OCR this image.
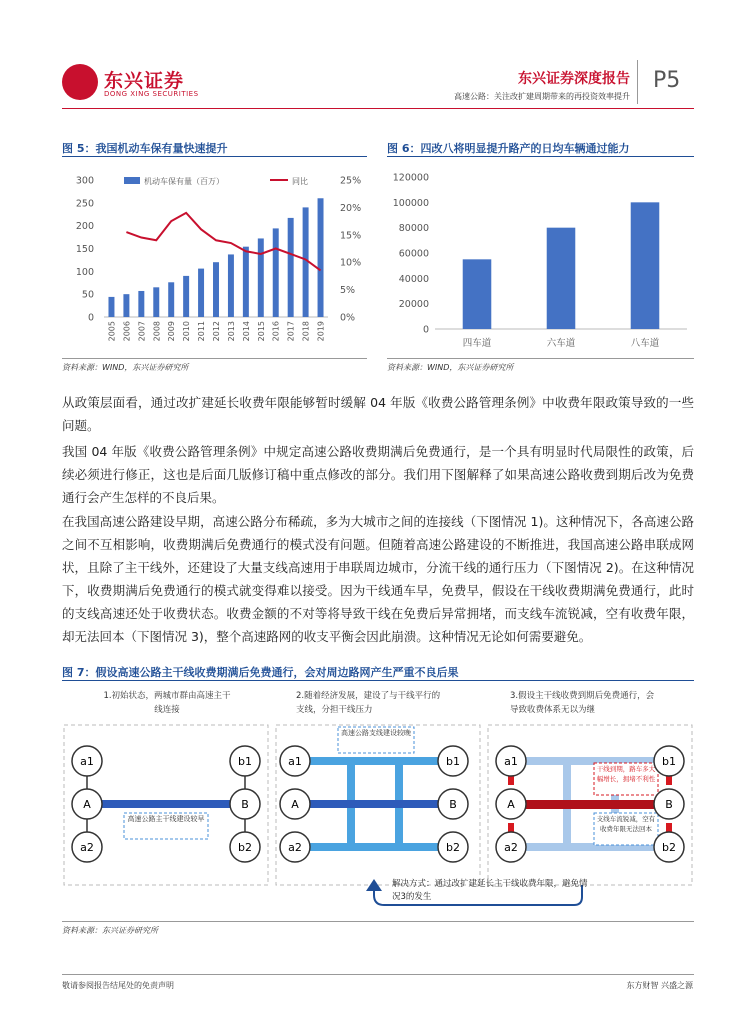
东兴证券
DONG XING SECURITIES
东兴证券深度报告
高速公路：关注改扩建周期带来的再投资效率提升
P5
图 5：我国机动车保有量快速提升
0
50
100
150
200
250
300
0%
5%
10%
15%
20%
25%
2005 2006 2007 2008 2009 2010 2011 2012 2013 2014 2015 2016 2017 2018 2019
机动车保有量（百万）	同比
资料来源：WIND，东兴证券研究所
图 6：四改八将明显提升路产的日均车辆通过能力
0
20000
40000
60000
80000
100000
120000
四车道	六车道	八车道
资料来源：WIND，东兴证券研究所
从政策层面看，通过改扩建延长收费年限能够暂时缓解 04 年版《收费公路管理条例》中收费年限政策导致的一些问题。
我国 04 年版《收费公路管理条例》中规定高速公路收费期满后免费通行，是一个具有明显时代局限性的政策，后续必须进行修正，这也是后面几版修订稿中重点修改的部分。我们用下图解释了如果高速公路收费到期后改为免费通行会产生怎样的不良后果。
在我国高速公路建设早期，高速公路分布稀疏，多为大城市之间的连接线（下图情况 1)。这种情况下，各高速公路之间不互相影响，收费期满后免费通行的模式没有问题。但随着高速公路建设的不断推进，我国高速公路串联成网状，且除了主干线外，还建设了大量支线高速用于串联周边城市，分流干线的通行压力（下图情况 2)。在这种情况下，收费期满后免费通行的模式就变得难以接受。因为干线通车早，免费早，假设在干线收费期满免费通行，此时的支线高速还处于收费状态。收费金额的不对等将导致干线在免费后异常拥堵，而支线车流锐减，空有收费年限，却无法回本（下图情况 3)，整个高速路网的收支平衡会因此崩溃。这种情况无论如何需要避免。
图 7：假设高速公路主干线收费期满后免费通行，会对周边路网产生严重不良后果
1.初始状态，两城市群由高速主干线连接
2.随着经济发展，建设了与干线平行的支线，分担干线压力
3.假设主干线收费到期后免费通行，会导致收费体系无以为继
高速公路主干线建设较早
a1
A
a2
b1
B
b2
高速公路支线建设较晚
a1
A
a2
b1
B
b2
干线到期，路车多大幅增长，拥堵不利性
支线车流锐减，空有收费年限无法回本
a1
A
a2
b1
B
b2
解决方式：通过改扩建延长主干线收费年限，避免情况3的发生
资料来源：东兴证券研究所
敬请参阅报告结尾处的免责声明	东方财智 兴盛之源
